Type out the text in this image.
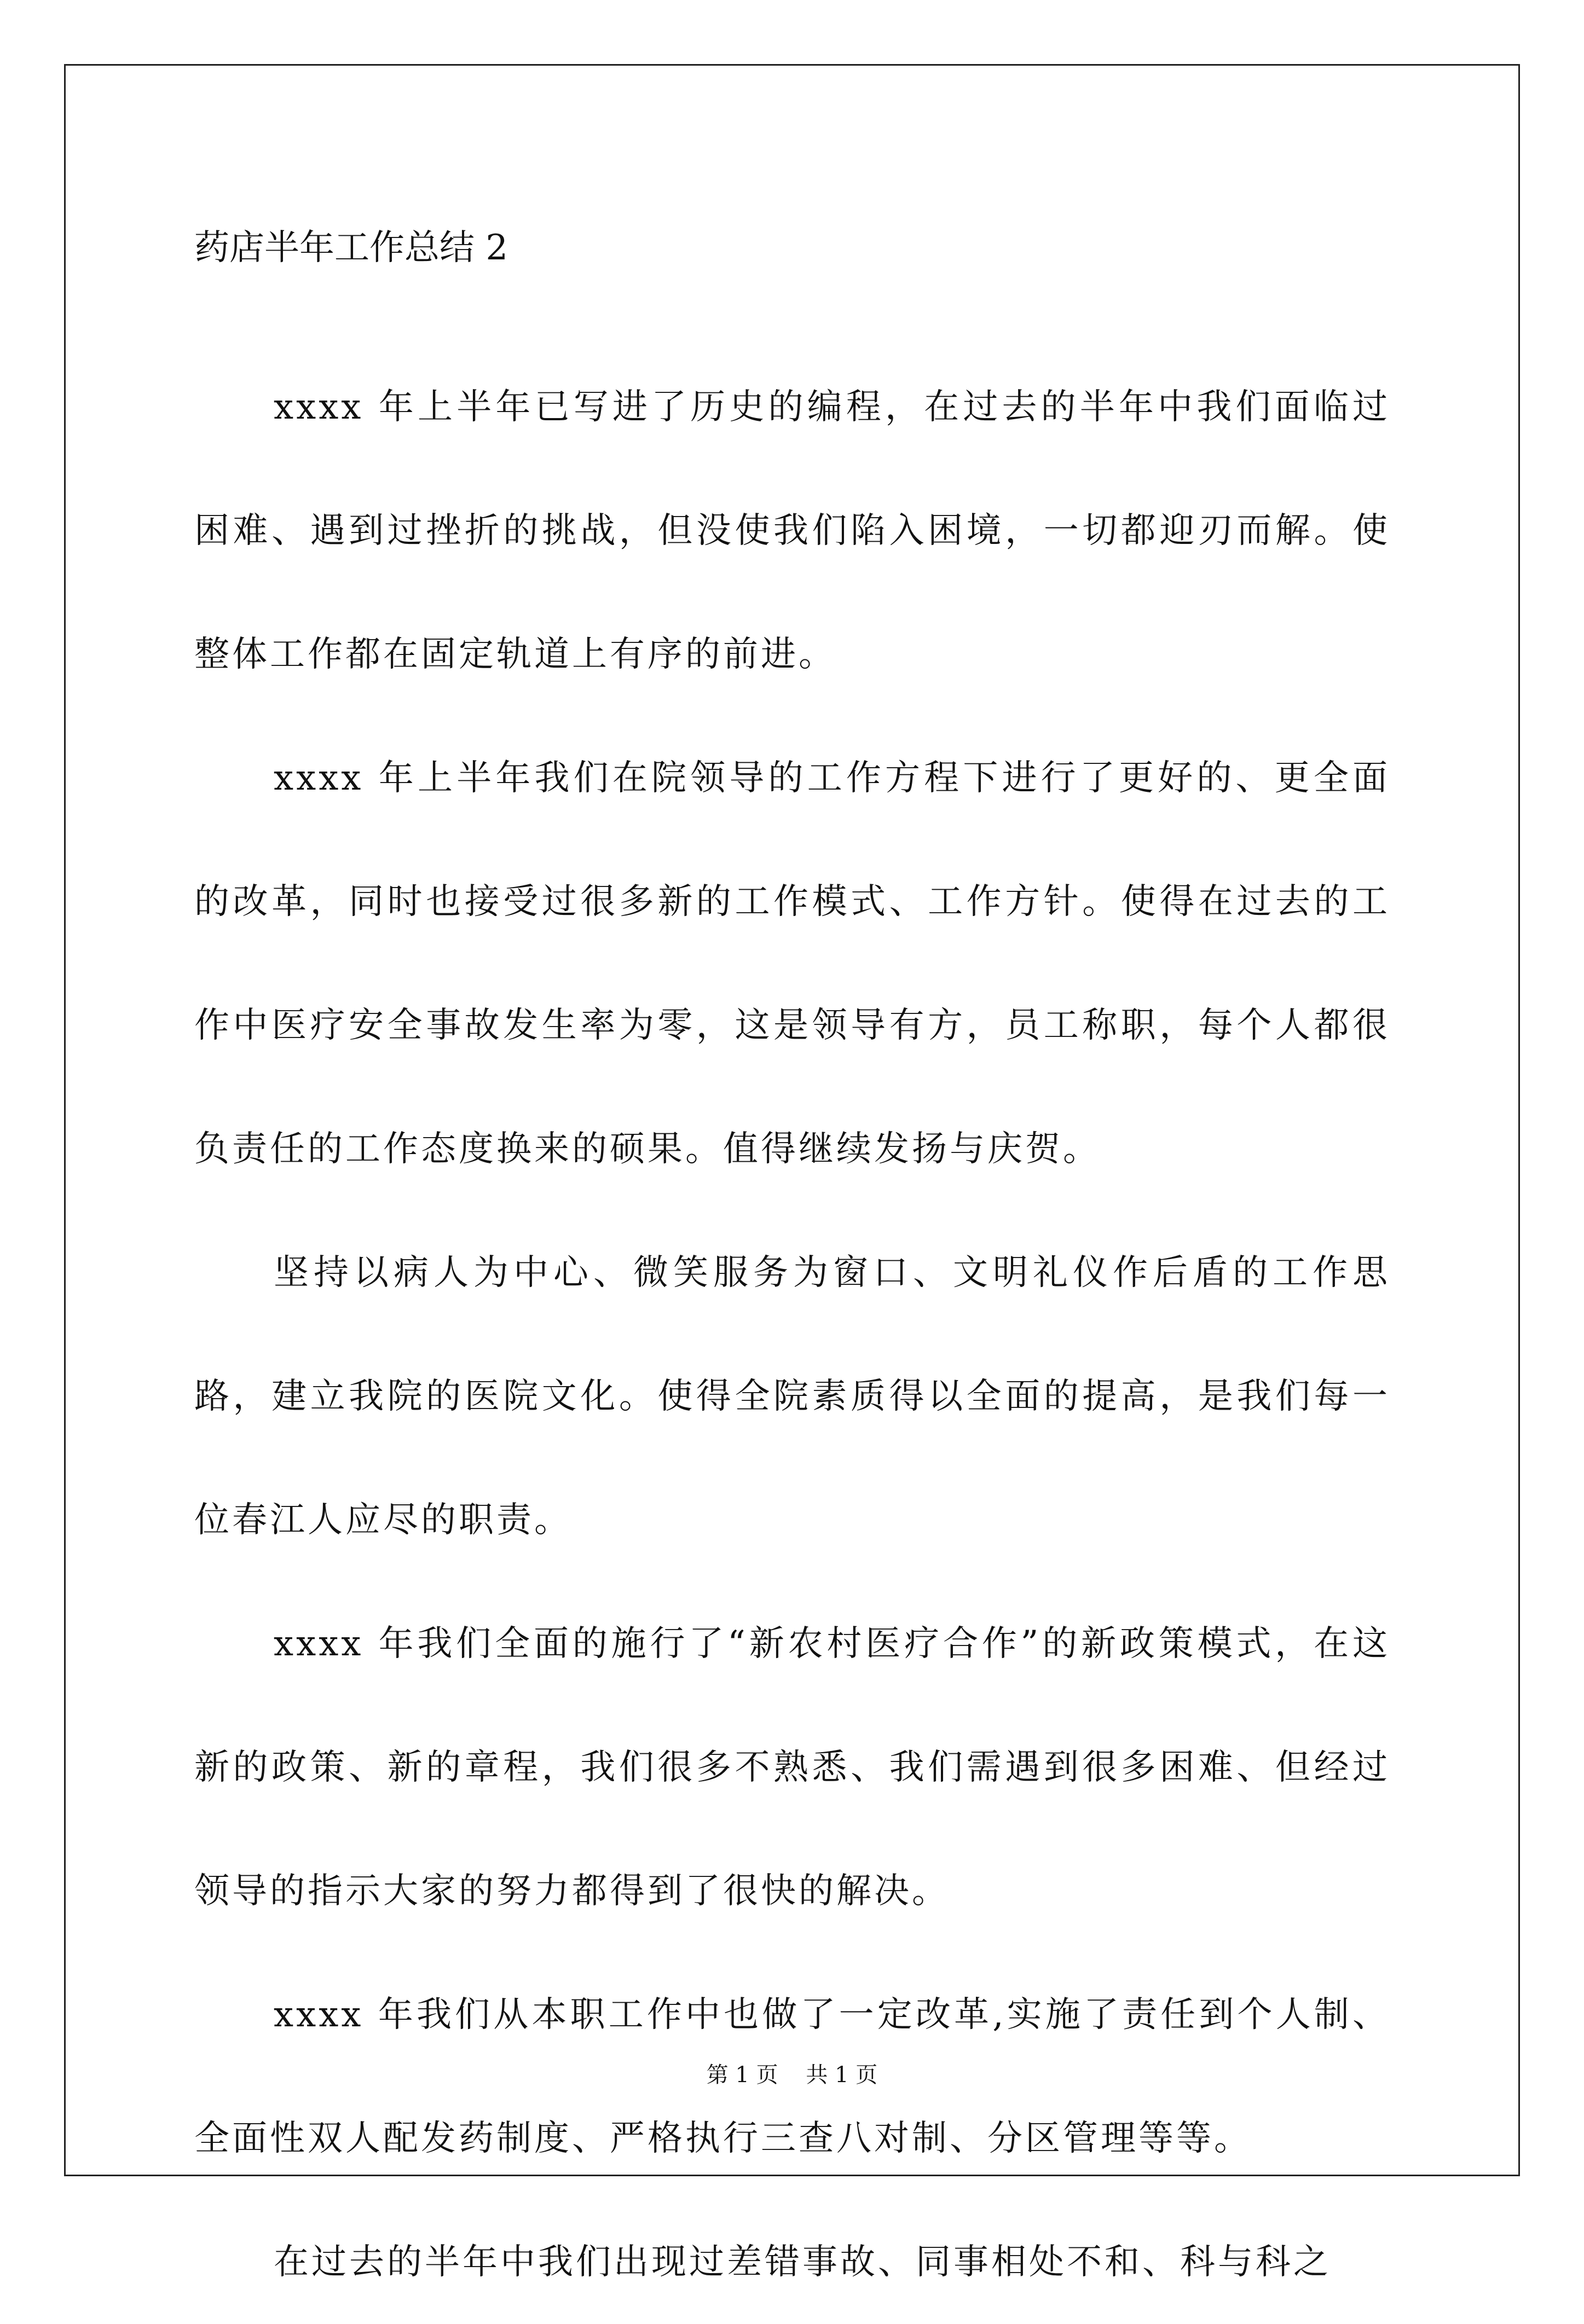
药店半年工作总结 2

xxxx 年上半年已写进了历史的编程，在过去的半年中我们面临过困难、遇到过挫折的挑战，但没使我们陷入困境，一切都迎刃而解。使整体工作都在固定轨道上有序的前进。

xxxx 年上半年我们在院领导的工作方程下进行了更好的、更全面的改革，同时也接受过很多新的工作模式、工作方针。使得在过去的工作中医疗安全事故发生率为零，这是领导有方，员工称职，每个人都很负责任的工作态度换来的硕果。值得继续发扬与庆贺。

坚持以病人为中心、微笑服务为窗口、文明礼仪作后盾的工作思路，建立我院的医院文化。使得全院素质得以全面的提高，是我们每一位春江人应尽的职责。

xxxx 年我们全面的施行了“新农村医疗合作”的新政策模式，在这新的政策、新的章程，我们很多不熟悉、我们需遇到很多困难、但经过领导的指示大家的努力都得到了很快的解决。

xxxx 年我们从本职工作中也做了一定改革,实施了责任到个人制、全面性双人配发药制度、严格执行三查八对制、分区管理等等。

在过去的半年中我们出现过差错事故、同事相处不和、科与科之

第 1 页    共 1 页
